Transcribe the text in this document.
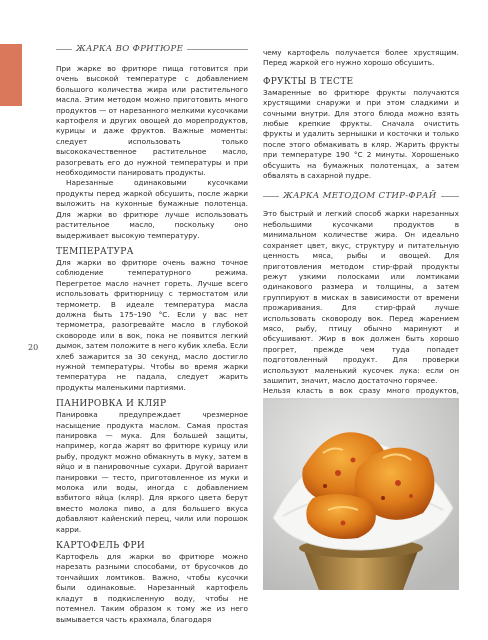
20
ЖАРКА ВО ФРИТЮРЕ

При жарке во фритюре пища готовится при очень высокой температуре с добавлением большого количества жира или растительного масла. Этим методом можно приготовить много продуктов — от нарезанного мелкими кусочками картофеля и других овощей до морепродуктов, курицы и даже фруктов. Важные моменты: следует использовать только высококачественное растительное масло, разогревать его до нужной температуры и при необходимости панировать продукты.

Нарезанные одинаковыми кусочками продукты перед жаркой обсушить, после жарки выложить на кухонные бумажные полотенца. Для жарки во фритюре лучше использовать растительное масло, поскольку оно выдерживает высокую температуру.

ТЕМПЕРАТУРА

Для жарки во фритюре очень важно точное соблюдение температурного режима. Перегретое масло начнет гореть. Лучше всего использовать фритюрницу с термостатом или термометр. В идеале температура масла должна быть 175–190 °C. Если у вас нет термометра, разогревайте масло в глубокой сковороде или в вок, пока не появится легкий дымок, затем положите в него кубик хлеба. Если хлеб зажарится за 30 секунд, масло достигло нужной температуры. Чтобы во время жарки температура не падала, следует жарить продукты маленькими партиями.

ПАНИРОВКА И КЛЯР

Панировка предупреждает чрезмерное насыщение продукта маслом. Самая простая панировка — мука. Для большей защиты, например, когда жарят во фритюре курицу или рыбу, продукт можно обмакнуть в муку, затем в яйцо и в панировочные сухари. Другой вариант панировки — тесто, приготовленное из муки и молока или воды, иногда с добавлением взбитого яйца (кляр). Для яркого цвета берут вместо молока пиво, а для большего вкуса добавляют кайенский перец, чили или порошок карри.

КАРТОФЕЛЬ ФРИ

Картофель для жарки во фритюре можно нарезать разными способами, от брусочков до тончайших ломтиков. Важно, чтобы кусочки были одинаковые. Нарезанный картофель кладут в подкисленную воду, чтобы не потемнел. Таким образом к тому же из него вымывается часть крахмала, благодаря

чему картофель получается более хрустящим. Перед жаркой его нужно хорошо обсушить.

ФРУКТЫ В ТЕСТЕ

Замаренные во фритюре фрукты получаются хрустящими снаружи и при этом сладкими и сочными внутри. Для этого блюда можно взять любые крепкие фрукты. Сначала очистить фрукты и удалить зернышки и косточки и только после этого обмакивать в кляр. Жарить фрукты при температуре 190 °C 2 минуты. Хорошенько обсушить на бумажных полотенцах, а затем обвалять в сахарной пудре.

ЖАРКА МЕТОДОМ СТИР-ФРАЙ

Это быстрый и легкий способ жарки нарезанных небольшими кусочками продуктов в минимальном количестве жира. Он идеально сохраняет цвет, вкус, структуру и питательную ценность мяса, рыбы и овощей. Для приготовления методом стир-фрай продукты режут узкими полосками или ломтиками одинакового размера и толщины, а затем группируют в мисках в зависимости от времени прожаривания. Для стир-фрай лучше использовать сковороду вок. Перед жарением мясо, рыбу, птицу обычно маринуют и обсушивают. Жир в вок должен быть хорошо прогрет, прежде чем туда попадет подготовленный продукт. Для проверки используют маленький кусочек лука: если он зашипит, значит, масло достаточно горячее.

Нельзя класть в вок сразу много продуктов,
